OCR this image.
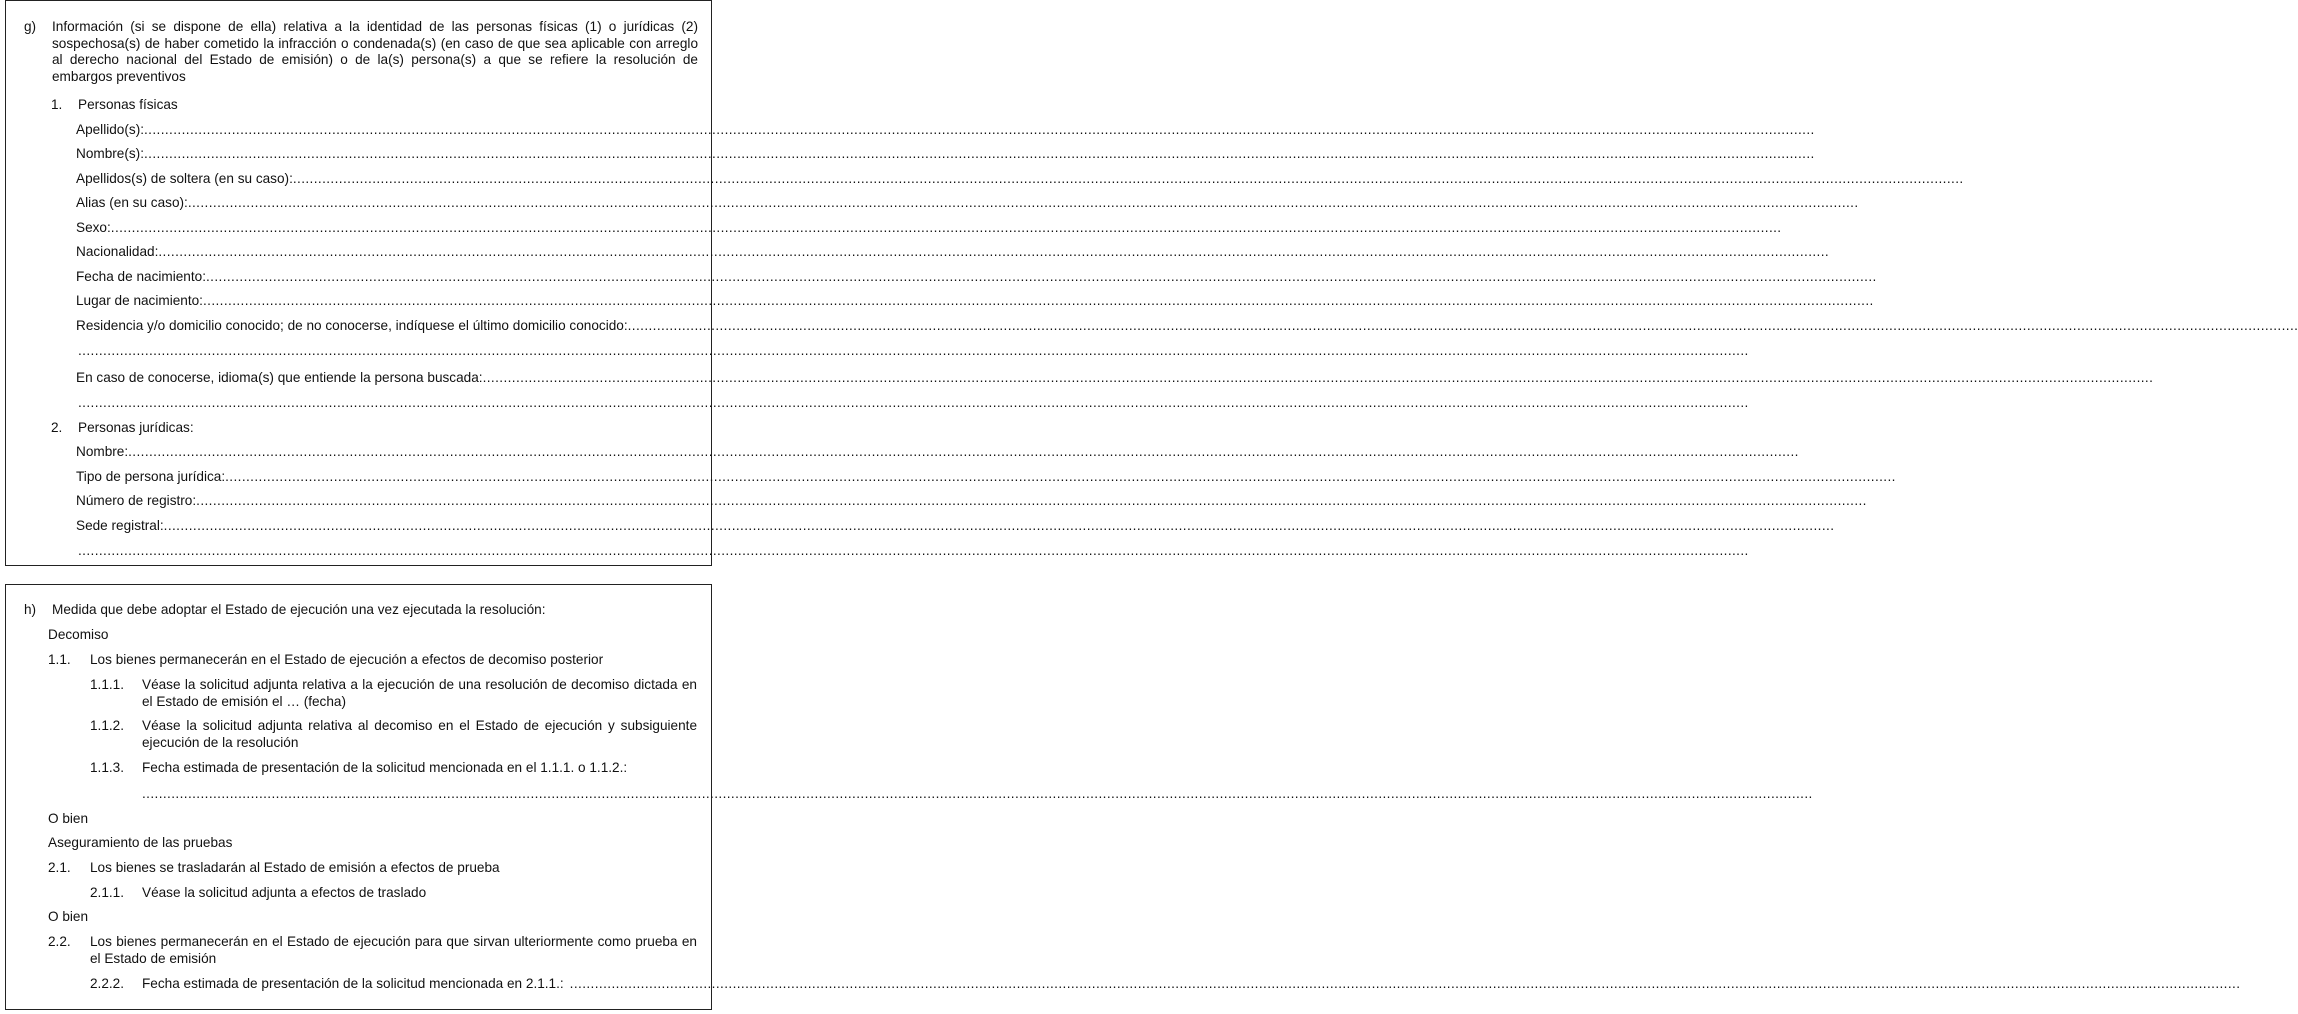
g) Información (si se dispone de ella) relativa a la identidad de las personas físicas (1) o jurídicas (2) sospechosa(s) de haber cometido la infracción o condenada(s) (en caso de que sea aplicable con arreglo al derecho nacional del Estado de emisión) o de la(s) persona(s) a que se refiere la resolución de embargos preventivos
1. Personas físicas
Apellido(s): ................................................................................................................................................................................................................................................................................................................................................................................................................
Nombre(s): ................................................................................................................................................................................................................................................................................................................................................................................................................
Apellidos(s) de soltera (en su caso): ................................................................................................................................................................................................................................................................................................................................................................................................................
Alias (en su caso): ................................................................................................................................................................................................................................................................................................................................................................................................................
Sexo: ................................................................................................................................................................................................................................................................................................................................................................................................................
Nacionalidad: ................................................................................................................................................................................................................................................................................................................................................................................................................
Fecha de nacimiento: ................................................................................................................................................................................................................................................................................................................................................................................................................
Lugar de nacimiento: ................................................................................................................................................................................................................................................................................................................................................................................................................
Residencia y/o domicilio conocido; de no conocerse, indíquese el último domicilio conocido: ................................................................................................................................................................................................................................................................................................................................................................................................................
................................................................................................................................................................................................................................................................................................................................................................................................................
En caso de conocerse, idioma(s) que entiende la persona buscada: ................................................................................................................................................................................................................................................................................................................................................................................................................
................................................................................................................................................................................................................................................................................................................................................................................................................
2. Personas jurídicas:
Nombre: ................................................................................................................................................................................................................................................................................................................................................................................................................
Tipo de persona jurídica: ................................................................................................................................................................................................................................................................................................................................................................................................................
Número de registro: ................................................................................................................................................................................................................................................................................................................................................................................................................
Sede registral: ................................................................................................................................................................................................................................................................................................................................................................................................................
................................................................................................................................................................................................................................................................................................................................................................................................................
h) Medida que debe adoptar el Estado de ejecución una vez ejecutada la resolución:
Decomiso
1.1. Los bienes permanecerán en el Estado de ejecución a efectos de decomiso posterior
1.1.1. Véase la solicitud adjunta relativa a la ejecución de una resolución de decomiso dictada en el Estado de emisión el … (fecha)
1.1.2. Véase la solicitud adjunta relativa al decomiso en el Estado de ejecución y subsiguiente ejecución de la resolución
1.1.3. Fecha estimada de presentación de la solicitud mencionada en el 1.1.1. o 1.1.2.:
................................................................................................................................................................................................................................................................................................................................................................................................................
O bien
Aseguramiento de las pruebas
2.1. Los bienes se trasladarán al Estado de emisión a efectos de prueba
2.1.1. Véase la solicitud adjunta a efectos de traslado
O bien
2.2. Los bienes permanecerán en el Estado de ejecución para que sirvan ulteriormente como prueba en el Estado de emisión
2.2.2. Fecha estimada de presentación de la solicitud mencionada en 2.1.1.: ................................................................................................................................................................................................................................................................................................................................................................................................................
